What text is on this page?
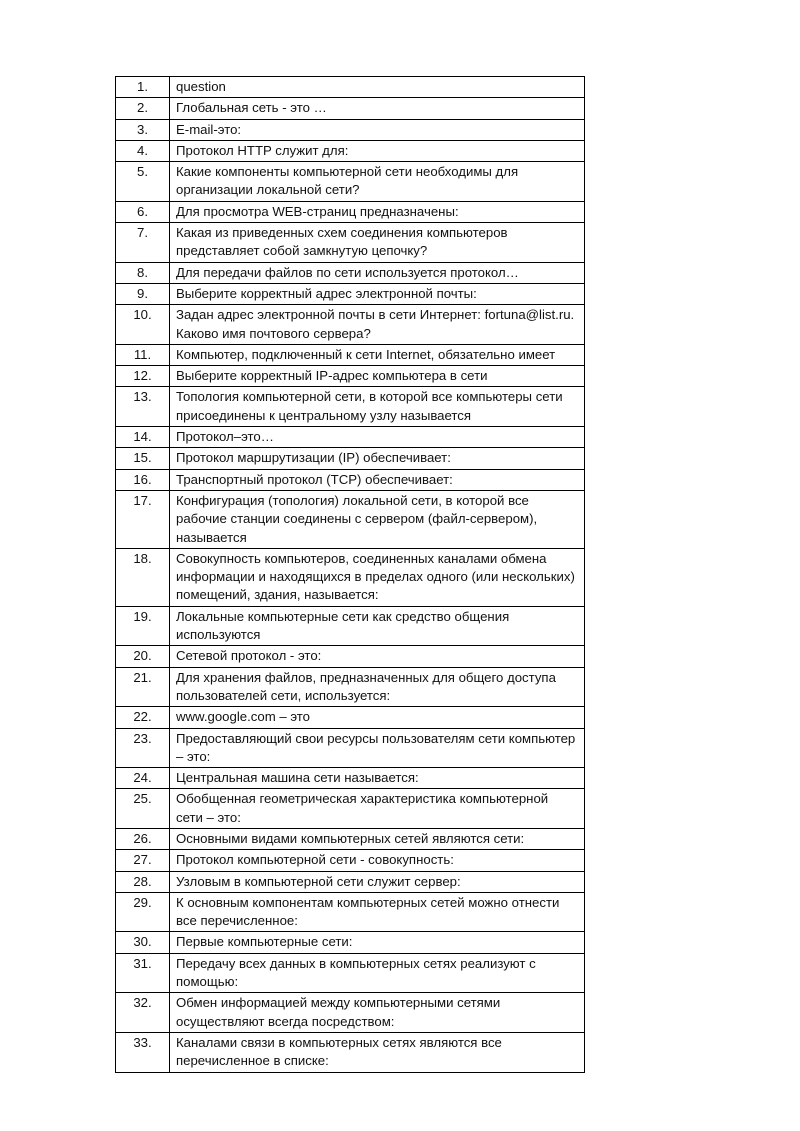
1.	question
2.	Глобальная сеть - это …
3.	E-mail-это:
4.	Протокол HTTP служит для:
5.	Какие компоненты компьютерной сети необходимы для организации локальной сети?
6.	Для просмотра WEB-страниц предназначены:
7.	Какая из приведенных схем соединения компьютеров представляет собой замкнутую цепочку?
8.	Для передачи файлов по сети используется протокол…
9.	Выберите корректный адрес электронной почты:
10.	Задан адрес электронной почты в сети Интернет: fortuna@list.ru. Каково имя почтового сервера?
11.	Компьютер, подключенный к сети Internet, обязательно имеет
12.	Выберите корректный IP-адрес компьютера в сети
13.	Топология компьютерной сети, в которой все компьютеры сети присоединены к центральному узлу называется
14.	Протокол–это…
15.	Протокол маршрутизации (IP) обеспечивает:
16.	Транспортный протокол (TCP) обеспечивает:
17.	Конфигурация (топология) локальной сети, в которой все рабочие станции соединены с сервером (файл-сервером), называется
18.	Совокупность компьютеров, соединенных каналами обмена информации и находящихся в пределах одного (или нескольких) помещений, здания, называется:
19.	Локальные компьютерные сети как средство общения используются
20.	Сетевой протокол - это:
21.	Для хранения файлов, предназначенных для общего доступа пользователей сети, используется:
22.	www.google.com – это
23.	Предоставляющий свои ресурсы пользователям сети компьютер – это:
24.	Центральная машина сети называется:
25.	Обобщенная геометрическая характеристика компьютерной сети – это:
26.	Основными видами компьютерных сетей являются сети:
27.	Протокол компьютерной сети - совокупность:
28.	Узловым в компьютерной сети служит сервер:
29.	К основным компонентам компьютерных сетей можно отнести все перечисленное:
30.	Первые компьютерные сети:
31.	Передачу всех данных в компьютерных сетях реализуют с помощью:
32.	Обмен информацией между компьютерными сетями осуществляют всегда посредством:
33.	Каналами связи в компьютерных сетях являются все перечисленное в списке:
